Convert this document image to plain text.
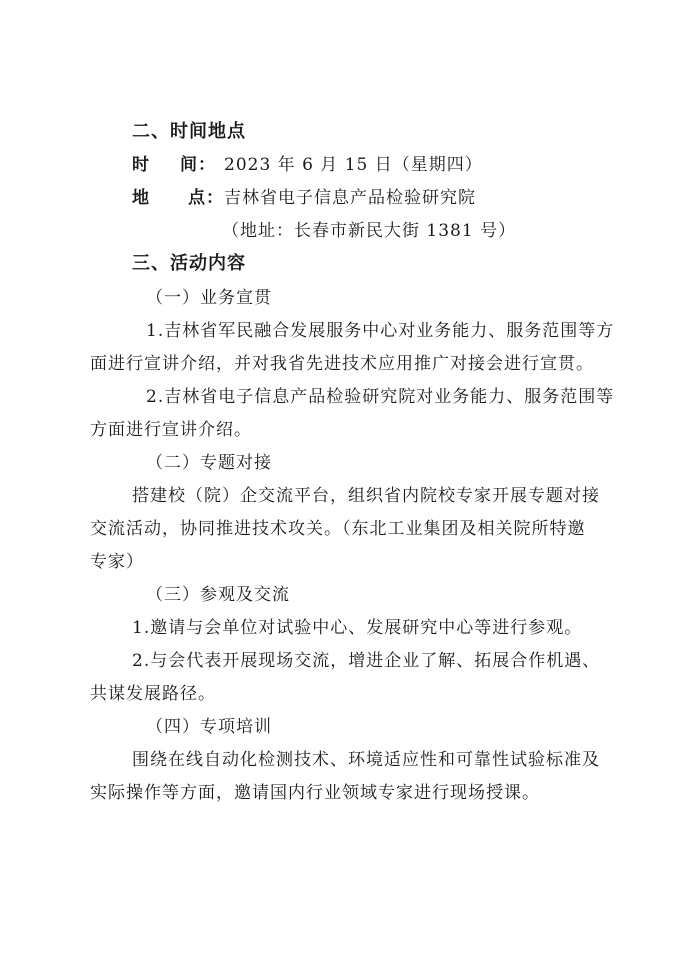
二、时间地点
时 间： 2023 年 6 月 15 日（星期四）
地 点：吉林省电子信息产品检验研究院
（地址：长春市新民大街 1381 号）
三、活动内容
（一）业务宣贯
1.吉林省军民融合发展服务中心对业务能力、服务范围等方
面进行宣讲介绍，并对我省先进技术应用推广对接会进行宣贯。
2.吉林省电子信息产品检验研究院对业务能力、服务范围等
方面进行宣讲介绍。
（二）专题对接
搭建校（院）企交流平台，组织省内院校专家开展专题对接
交流活动，协同推进技术攻关。（东北工业集团及相关院所特邀
专家）
（三）参观及交流
1.邀请与会单位对试验中心、发展研究中心等进行参观。
2.与会代表开展现场交流，增进企业了解、拓展合作机遇、
共谋发展路径。
（四）专项培训
围绕在线自动化检测技术、环境适应性和可靠性试验标准及
实际操作等方面，邀请国内行业领域专家进行现场授课。
